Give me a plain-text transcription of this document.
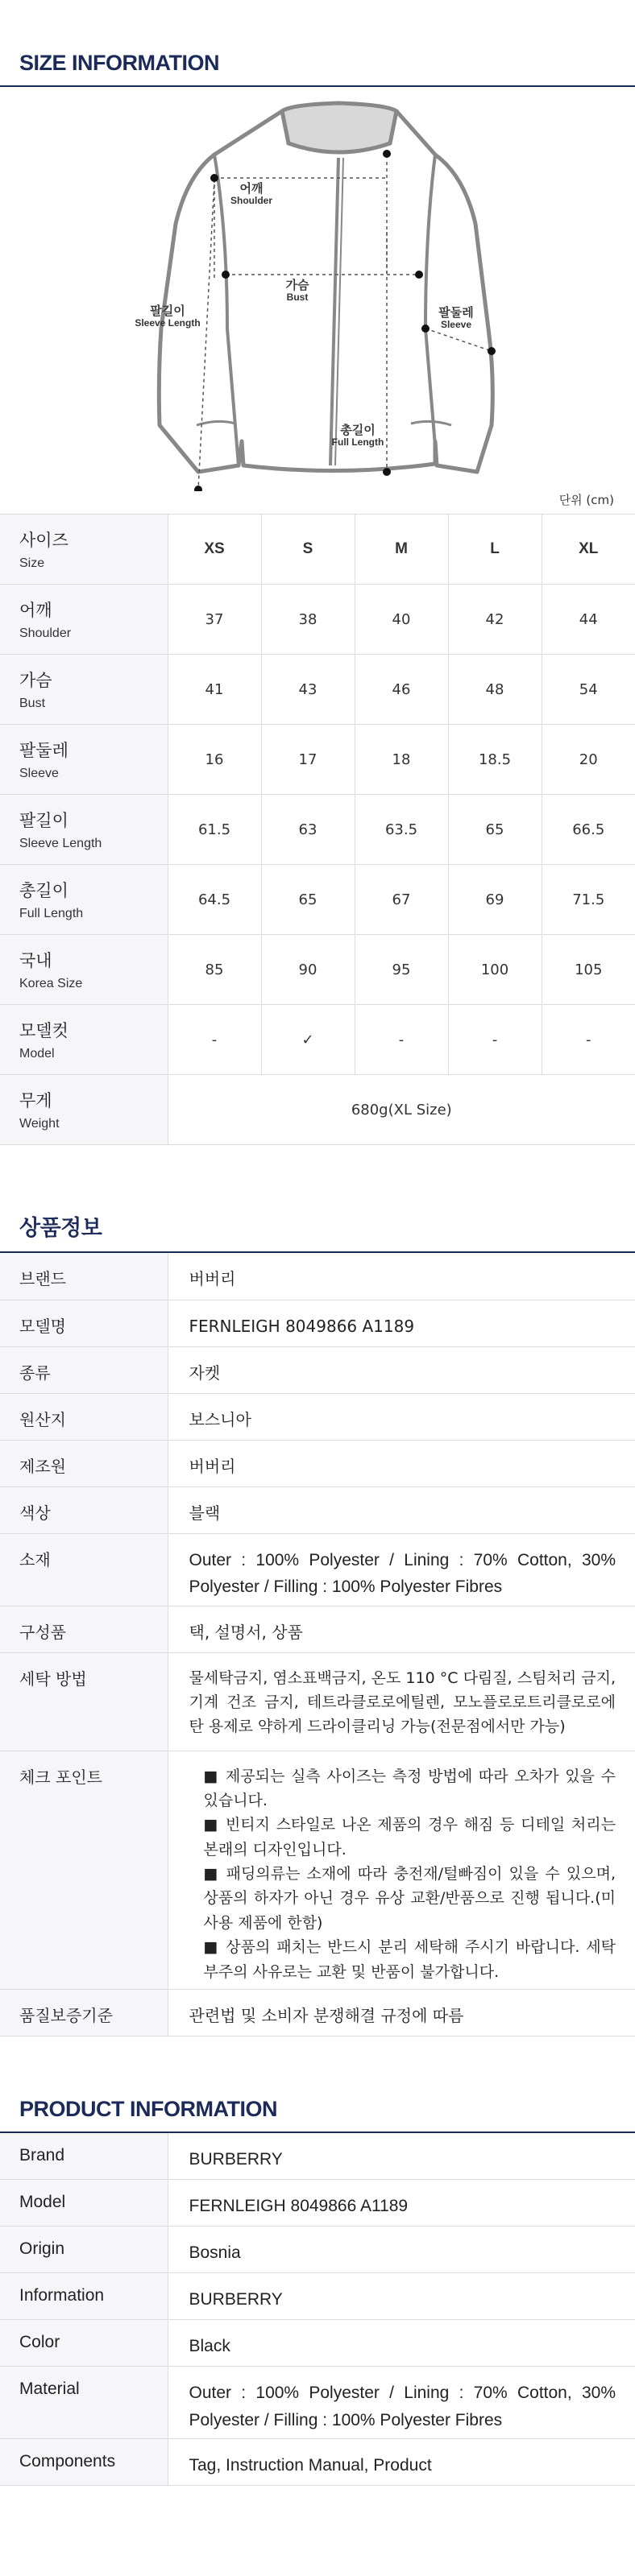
SIZE INFORMATION
어깨
Shoulder
가슴
Bust
팔길이
Sleeve Length
팔둘레
Sleeve
총길이
Full Length
단위 (cm)
사이즈
Size	XS	S	M	L	XL

어깨
Shoulder	37	38	40	42	44

가슴
Bust	41	43	46	48	54

팔둘레
Sleeve	16	17	18	18.5	20

팔길이
Sleeve Length	61.5	63	63.5	65	66.5

총길이
Full Length	64.5	65	67	69	71.5

국내
Korea Size	85	90	95	100	105

모델컷
Model	-	✓	-	-	-

무게
Weight	680g(XL Size)				
상품정보
브랜드	버버리
모델명	FERNLEIGH 8049866 A1189
종류	자켓
원산지	보스니아
제조원	버버리
색상	블랙
소재	Outer : 100% Polyester / Lining : 70% Cotton, 30% Polyester / Filling : 100% Polyester Fibres
구성품	택, 설명서, 상품
세탁 방법	물세탁금지, 염소표백금지, 온도 110 °C 다림질, 스팀처리 금지, 기계 건조 금지, 테트라클로로에틸렌, 모노플로로트리클로로에탄 용제로 약하게 드라이클리닝 가능(전문점에서만 가능)
체크 포인트	■ 제공되는 실측 사이즈는 측정 방법에 따라 오차가 있을 수 있습니다.
■ 빈티지 스타일로 나온 제품의 경우 해짐 등 디테일 처리는 본래의 디자인입니다.
■ 패딩의류는 소재에 따라 충전재/털빠짐이 있을 수 있으며, 상품의 하자가 아닌 경우 유상 교환/반품으로 진행 됩니다.(미사용 제품에 한함)
■ 상품의 패치는 반드시 분리 세탁해 주시기 바랍니다. 세탁부주의 사유로는 교환 및 반품이 불가합니다.

품질보증기준	관련법 및 소비자 분쟁해결 규정에 따름
PRODUCT INFORMATION
Brand	BURBERRY
Model	FERNLEIGH 8049866 A1189
Origin	Bosnia
Information	BURBERRY
Color	Black
Material	Outer : 100% Polyester / Lining : 70% Cotton, 30% Polyester / Filling : 100% Polyester Fibres
Components	Tag, Instruction Manual, Product
